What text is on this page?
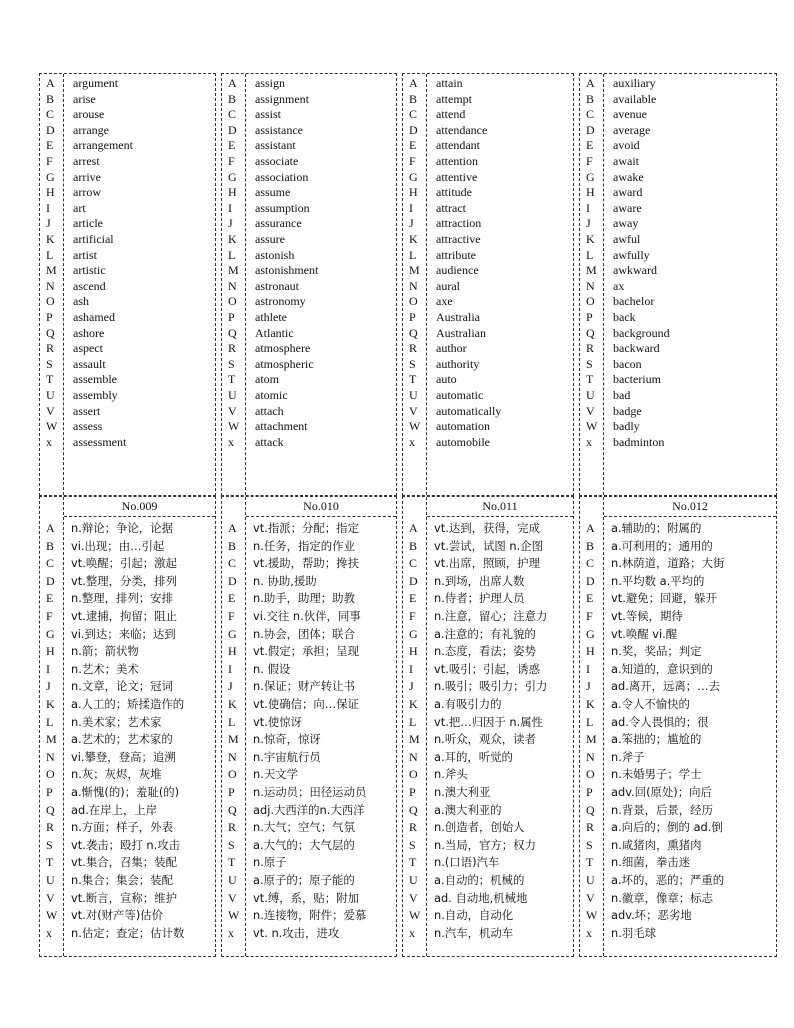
A
B
C
D
E
F
G
H
I
J
K
L
M
N
O
P
Q
R
S
T
U
V
W
x
argument
arise
arouse
arrange
arrangement
arrest
arrive
arrow
art
article
artificial
artist
artistic
ascend
ash
ashamed
ashore
aspect
assault
assemble
assembly
assert
assess
assessment
A
B
C
D
E
F
G
H
I
J
K
L
M
N
O
P
Q
R
S
T
U
V
W
x
assign
assignment
assist
assistance
assistant
associate
association
assume
assumption
assurance
assure
astonish
astonishment
astronaut
astronomy
athlete
Atlantic
atmosphere
atmospheric
atom
atomic
attach
attachment
attack
A
B
C
D
E
F
G
H
I
J
K
L
M
N
O
P
Q
R
S
T
U
V
W
x
attain
attempt
attend
attendance
attendant
attention
attentive
attitude
attract
attraction
attractive
attribute
audience
aural
axe
Australia
Australian
author
authority
auto
automatic
automatically
automation
automobile
A
B
C
D
E
F
G
H
I
J
K
L
M
N
O
P
Q
R
S
T
U
V
W
x
auxiliary
available
avenue
average
avoid
await
awake
award
aware
away
awful
awfully
awkward
ax
bachelor
back
background
backward
bacon
bacterium
bad
badge
badly
badminton
No.009
A
B
C
D
E
F
G
H
I
J
K
L
M
N
O
P
Q
R
S
T
U
V
W
x
n.辩论；争论，论据
vi.出现；由…引起
vt.唤醒；引起；激起
vt.整理，分类，排列
n.整理，排列；安排
vt.逮捕，拘留；阻止
vi.到达；来临；达到
n.箭；箭状物
n.艺术；美术
n.文章，论文；冠词
a.人工的；矫揉造作的
n.美术家；艺术家
a.艺术的；艺术家的
vi.攀登，登高；追溯
n.灰；灰烬，灰堆
a.惭愧(的)；羞耻(的)
ad.在岸上，上岸
n.方面；样子，外表
vt.袭击；殴打 n.攻击
vt.集合，召集；装配
n.集合；集会；装配
vt.断言，宣称；维护
vt.对(财产等)估价
n.估定；查定；估计数
No.010
A
B
C
D
E
F
G
H
I
J
K
L
M
N
O
P
Q
R
S
T
U
V
W
x
vt.指派；分配；指定
n.任务，指定的作业
vt.援助，帮助；搀扶
n. 协助,援助
n.助手，助理；助教
vi.交往 n.伙伴，同事
n.协会，团体；联合
vt.假定；承担；呈现
n. 假设
n.保证；财产转让书
vt.使确信；向…保证
vt.使惊讶
n.惊奇，惊讶
n.宇宙航行员
n.天文学
n.运动员；田径运动员
adj.大西洋的n.大西洋
n.大气；空气；气氛
a.大气的；大气层的
n.原子
a.原子的；原子能的
vt.缚，系，贴；附加
n.连接物，附件；爱慕
vt. n.攻击，进攻
No.011
A
B
C
D
E
F
G
H
I
J
K
L
M
N
O
P
Q
R
S
T
U
V
W
x
vt.达到，获得，完成
vt.尝试，试图 n.企图
vt.出席，照顾，护理
n.到场，出席人数
n.侍者；护理人员
n.注意，留心；注意力
a.注意的；有礼貌的
n.态度，看法；姿势
vt.吸引；引起，诱惑
n.吸引；吸引力；引力
a.有吸引力的
vt.把…归因于 n.属性
n.听众，观众，读者
a.耳的，听觉的
n.斧头
n.澳大利亚
a.澳大利亚的
n.创造者，创始人
n.当局，官方；权力
n.(口语)汽车
a.自动的；机械的
ad. 自动地,机械地
n.自动，自动化
n.汽车，机动车
No.012
A
B
C
D
E
F
G
H
I
J
K
L
M
N
O
P
Q
R
S
T
U
V
W
x
a.辅助的；附属的
a.可利用的；通用的
n.林荫道，道路；大街
n.平均数 a.平均的
vt.避免；回避，躲开
vt.等候，期待
vt.唤醒 vi.醒
n.奖，奖品；判定
a.知道的，意识到的
ad.离开，远离；…去
a.令人不愉快的
ad.令人畏惧的；很
a.笨拙的；尴尬的
n.斧子
n.未婚男子；学士
adv.回(原处)；向后
n.背景，后景，经历
a.向后的；倒的 ad.倒
n.咸猪肉，熏猪肉
n.细菌，拳击迷
a.坏的，恶的；严重的
n.徽章，像章；标志
adv.坏；恶劣地
n.羽毛球
